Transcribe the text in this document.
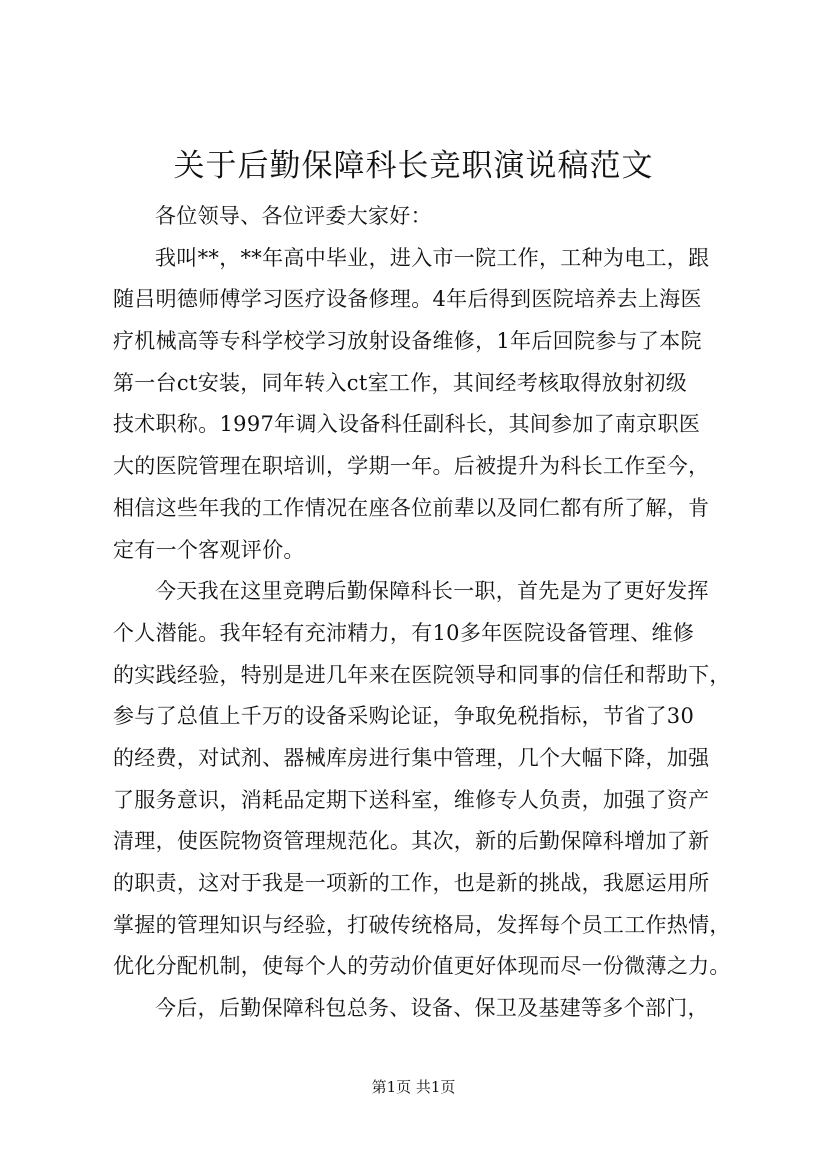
关于后勤保障科长竞职演说稿范文
各位领导、各位评委大家好：
我叫**，**年高中毕业，进入市一院工作，工种为电工，跟
随吕明德师傅学习医疗设备修理。4年后得到医院培养去上海医
疗机械高等专科学校学习放射设备维修，1年后回院参与了本院
第一台ct安装，同年转入ct室工作，其间经考核取得放射初级
技术职称。1997年调入设备科任副科长，其间参加了南京职医
大的医院管理在职培训，学期一年。后被提升为科长工作至今，
相信这些年我的工作情况在座各位前辈以及同仁都有所了解，肯
定有一个客观评价。
今天我在这里竞聘后勤保障科长一职，首先是为了更好发挥
个人潜能。我年轻有充沛精力，有10多年医院设备管理、维修
的实践经验，特别是进几年来在医院领导和同事的信任和帮助下，
参与了总值上千万的设备采购论证，争取免税指标，节省了30
的经费，对试剂、器械库房进行集中管理，几个大幅下降，加强
了服务意识，消耗品定期下送科室，维修专人负责，加强了资产
清理，使医院物资管理规范化。其次，新的后勤保障科增加了新
的职责，这对于我是一项新的工作，也是新的挑战，我愿运用所
掌握的管理知识与经验，打破传统格局，发挥每个员工工作热情，
优化分配机制，使每个人的劳动价值更好体现而尽一份微薄之力。
今后，后勤保障科包总务、设备、保卫及基建等多个部门，
第1页 共1页
